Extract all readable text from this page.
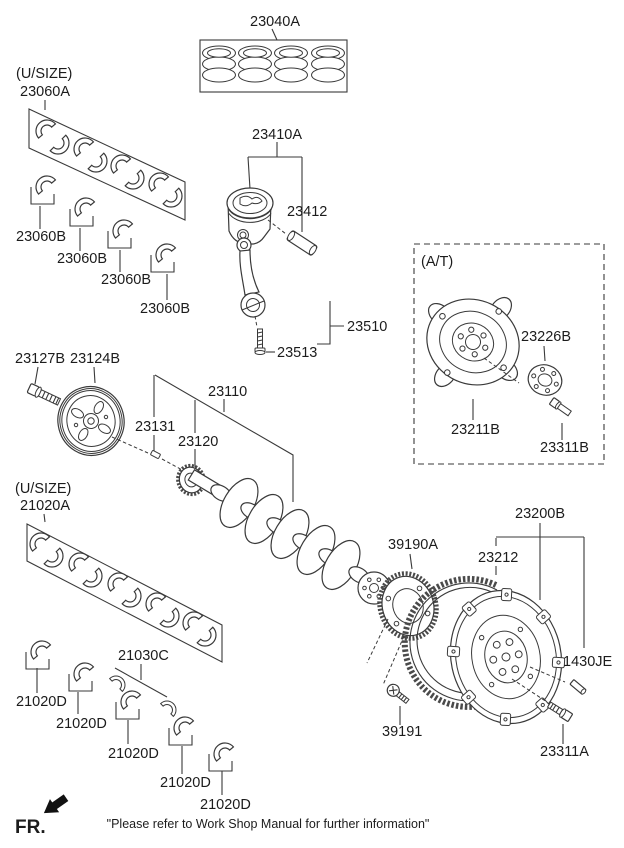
23040A
(U/SIZE)
23060A
23060B
23060B
23060B
23060B
23410A
23412
23510
23513
23127B 23124B
23131
23110
23120
(A/T)
23226B
23211B
23311B
(U/SIZE)
21020A
21030C
21020D
21020D
21020D
21020D
21020D
39190A
23212
23200B
1430JE
39191
23311A
FR.	"Please refer to Work Shop Manual for further information"
